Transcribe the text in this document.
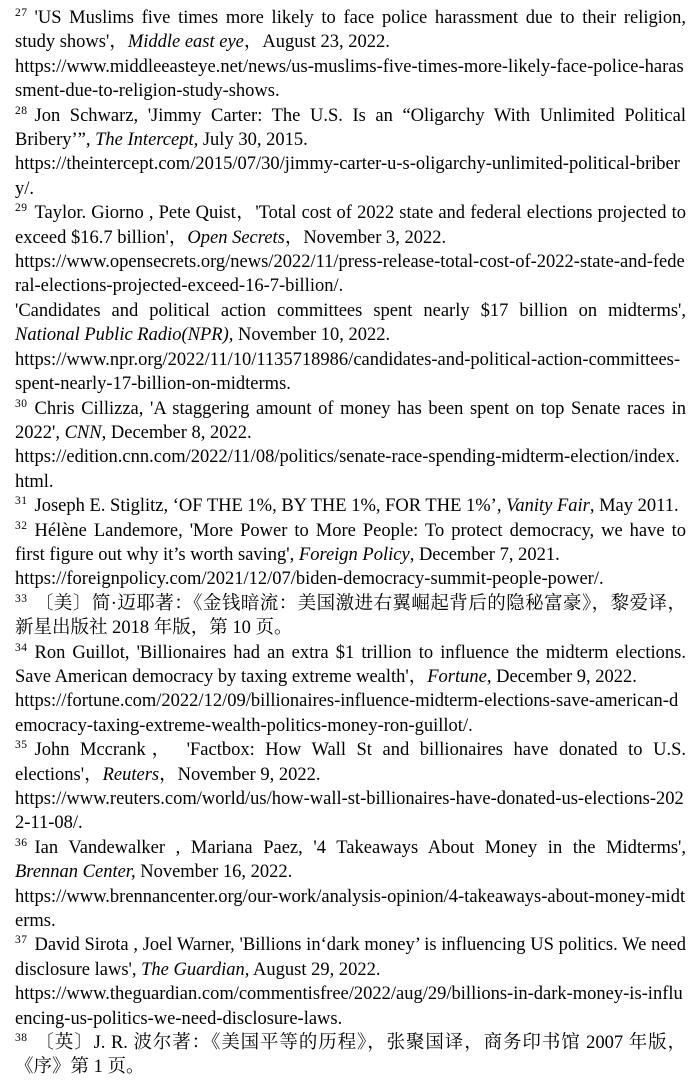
$^{27}$ 'US Muslims five times more likely to face police harassment due to their religion, study shows'，Middle east eye，August 23, 2022.
https://www.middleeasteye.net/news/us-muslims-five-times-more-likely-face-police-harassment-due-to-religion-study-shows.
$^{28}$ Jon Schwarz, 'Jimmy Carter: The U.S. Is an “Oligarchy With Unlimited Political Bribery’”, The Intercept, July 30, 2015.
https://theintercept.com/2015/07/30/jimmy-carter-u-s-oligarchy-unlimited-political-bribery/.
$^{29}$ Taylor. Giorno , Pete Quist，'Total cost of 2022 state and federal elections projected to exceed $16.7 billion'，Open Secrets，November 3, 2022.
https://www.opensecrets.org/news/2022/11/press-release-total-cost-of-2022-state-and-federal-elections-projected-exceed-16-7-billion/.
'Candidates and political action committees spent nearly $17 billion on midterms', National Public Radio(NPR), November 10, 2022.
https://www.npr.org/2022/11/10/1135718986/candidates-and-political-action-committees-spent-nearly-17-billion-on-midterms.
$^{30}$ Chris Cillizza, 'A staggering amount of money has been spent on top Senate races in 2022', CNN, December 8, 2022.
https://edition.cnn.com/2022/11/08/politics/senate-race-spending-midterm-election/index.html.
$^{31}$ Joseph E. Stiglitz, ‘OF THE 1%, BY THE 1%, FOR THE 1%’, Vanity Fair, May 2011.
$^{32}$ Hélène Landemore, 'More Power to More People: To protect democracy, we have to first figure out why it’s worth saving', Foreign Policy, December 7, 2021.
https://foreignpolicy.com/2021/12/07/biden-democracy-summit-people-power/.
$^{33}$ 〔美〕简·迈耶著：《金钱暗流：美国激进右翼崛起背后的隐秘富豪》，黎爱译，新星出版社 2018 年版，第 10 页。
$^{34}$ Ron Guillot, 'Billionaires had an extra $1 trillion to influence the midterm elections. Save American democracy by taxing extreme wealth'，Fortune, December 9, 2022.
https://fortune.com/2022/12/09/billionaires-influence-midterm-elections-save-american-democracy-taxing-extreme-wealth-politics-money-ron-guillot/.
$^{35}$ John Mccrank， 'Factbox: How Wall St and billionaires have donated to U.S. elections'，Reuters，November 9, 2022.
https://www.reuters.com/world/us/how-wall-st-billionaires-have-donated-us-elections-2022-11-08/.
$^{36}$ Ian Vandewalker , Mariana Paez, '4 Takeaways About Money in the Midterms', Brennan Center, November 16, 2022.
https://www.brennancenter.org/our-work/analysis-opinion/4-takeaways-about-money-midterms.
$^{37}$ David Sirota , Joel Warner, 'Billions in‘dark money’ is influencing US politics. We need disclosure laws', The Guardian, August 29, 2022.
https://www.theguardian.com/commentisfree/2022/aug/29/billions-in-dark-money-is-influencing-us-politics-we-need-disclosure-laws.
$^{38}$ 〔英〕J. R. 波尔著：《美国平等的历程》，张聚国译，商务印书馆 2007 年版，《序》第 1 页。
